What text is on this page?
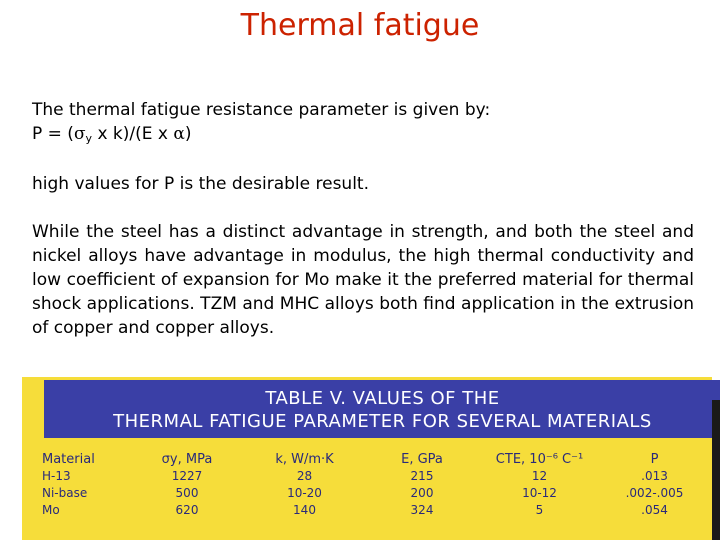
Thermal fatigue
The thermal fatigue resistance parameter is given by:
$P = (\sigma_y$ x k)/(E x α)
high values for P is the desirable result.
While the steel has a distinct advantage in strength, and both the steel and nickel alloys have advantage in modulus, the high thermal conductivity and low coefficient of expansion for Mo make it the preferred material for thermal shock applications. TZM and MHC alloys both find application in the extrusion of copper and copper alloys.
TABLE V. VALUES OF THE
THERMAL FATIGUE PARAMETER FOR SEVERAL MATERIALS
Material	σy, MPa	k, W/m·K	E, GPa	CTE, 10⁻⁶ C⁻¹	P
H-13	1227	28	215	12	.013
Ni-base	500	10-20	200	10-12	.002-.005
Mo	620	140	324	5	.054
